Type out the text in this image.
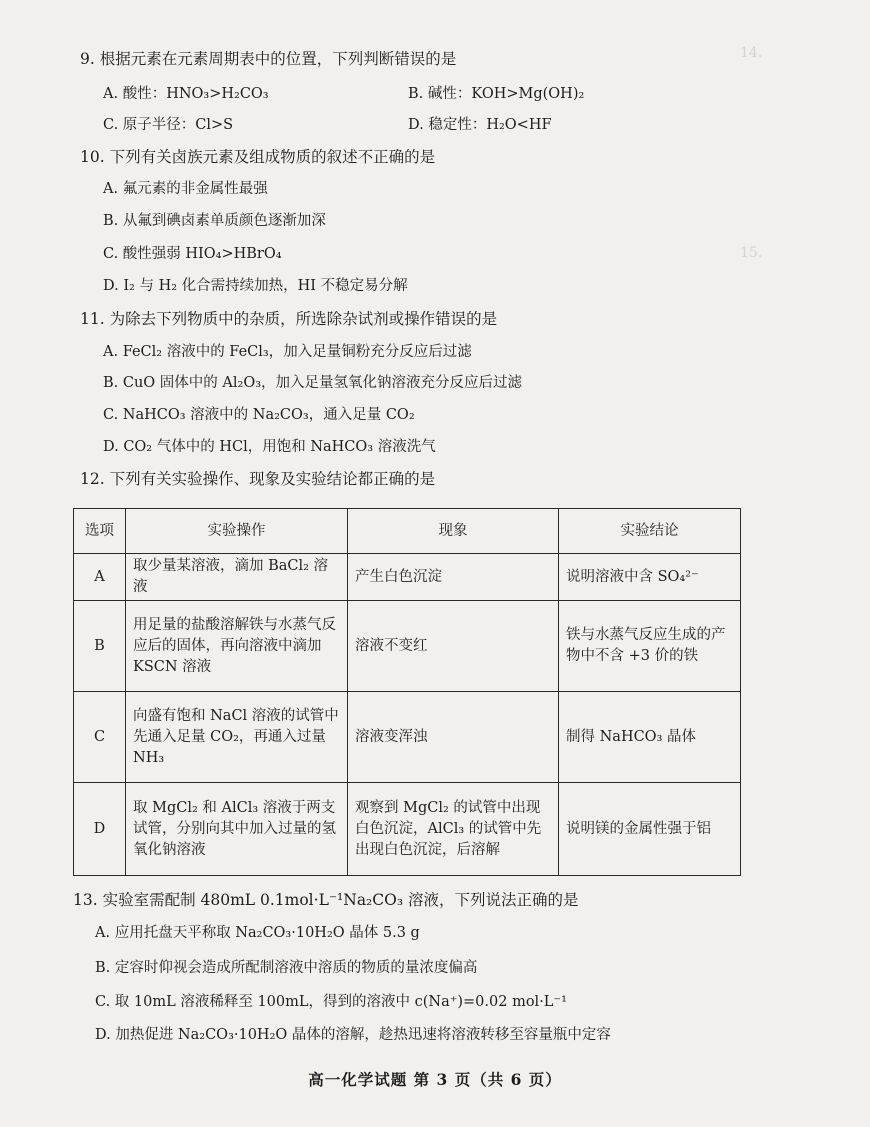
14.
15.
9. 根据元素在元素周期表中的位置，下列判断错误的是
A. 酸性：HNO₃>H₂CO₃	B. 碱性：KOH>Mg(OH)₂
C. 原子半径：Cl>S	D. 稳定性：H₂O<HF
10. 下列有关卤族元素及组成物质的叙述不正确的是
A. 氟元素的非金属性最强
B. 从氟到碘卤素单质颜色逐渐加深
C. 酸性强弱 HIO₄>HBrO₄
D. I₂ 与 H₂ 化合需持续加热，HI 不稳定易分解
11. 为除去下列物质中的杂质，所选除杂试剂或操作错误的是
A. FeCl₂ 溶液中的 FeCl₃，加入足量铜粉充分反应后过滤
B. CuO 固体中的 Al₂O₃，加入足量氢氧化钠溶液充分反应后过滤
C. NaHCO₃ 溶液中的 Na₂CO₃，通入足量 CO₂
D. CO₂ 气体中的 HCl，用饱和 NaHCO₃ 溶液洗气
12. 下列有关实验操作、现象及实验结论都正确的是
选项	实验操作	现象	实验结论
A	取少量某溶液，滴加 BaCl₂ 溶液	产生白色沉淀	说明溶液中含 SO₄²⁻
B	用足量的盐酸溶解铁与水蒸气反应后的固体，再向溶液中滴加 KSCN 溶液	溶液不变红	铁与水蒸气反应生成的产物中不含 +3 价的铁
C	向盛有饱和 NaCl 溶液的试管中先通入足量 CO₂，再通入过量 NH₃	溶液变浑浊	制得 NaHCO₃ 晶体
D	取 MgCl₂ 和 AlCl₃ 溶液于两支试管，分别向其中加入过量的氢氧化钠溶液	观察到 MgCl₂ 的试管中出现白色沉淀，AlCl₃ 的试管中先出现白色沉淀，后溶解	说明镁的金属性强于铝
13. 实验室需配制 480mL 0.1mol·L⁻¹Na₂CO₃ 溶液，下列说法正确的是
A. 应用托盘天平称取 Na₂CO₃·10H₂O 晶体 5.3 g
B. 定容时仰视会造成所配制溶液中溶质的物质的量浓度偏高
C. 取 10mL 溶液稀释至 100mL，得到的溶液中 c(Na⁺)=0.02 mol·L⁻¹
D. 加热促进 Na₂CO₃·10H₂O 晶体的溶解，趁热迅速将溶液转移至容量瓶中定容
高一化学试题 第 3 页（共 6 页）
